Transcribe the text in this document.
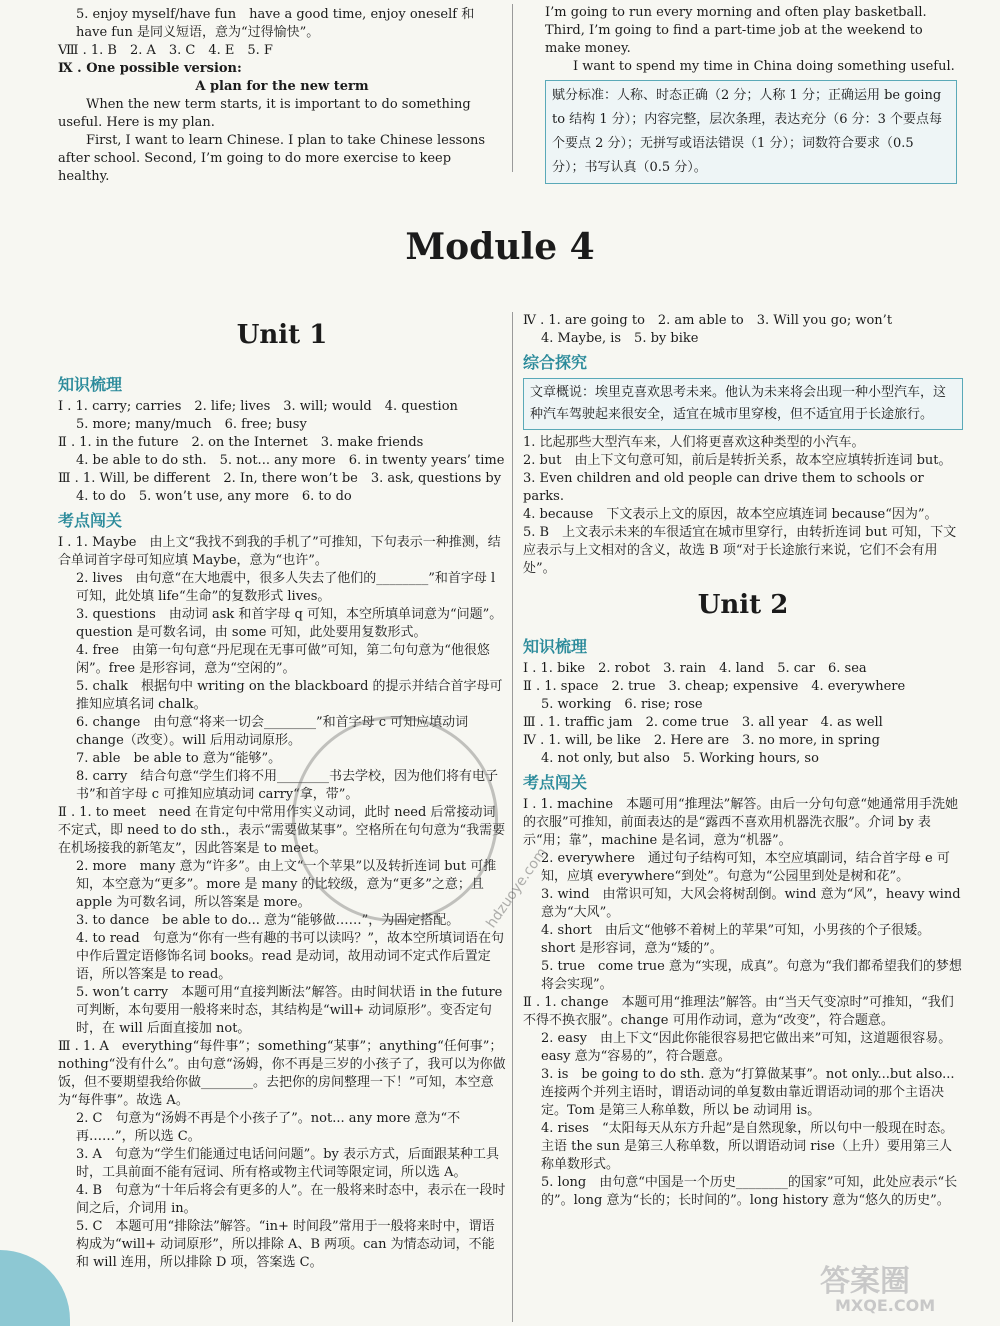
5. enjoy myself/have fun　have a good time, enjoy oneself 和 have fun 是同义短语，意为“过得愉快”。

Ⅷ . 1. B　2. A　3. C　4. E　5. F

Ⅸ . One possible version:

A plan for the new term

When the new term starts, it is important to do something useful. Here is my plan.

First, I want to learn Chinese. I plan to take Chinese lessons after school. Second, I’m going to do more exercise to keep healthy.

I’m going to run every morning and often play basketball. Third, I’m going to find a part-time job at the weekend to make money.

I want to spend my time in China doing something useful.

赋分标准：人称、时态正确（2 分；人称 1 分；正确运用 be going to 结构 1 分）；内容完整，层次条理，表达充分（6 分：3 个要点每个要点 2 分）；无拼写或语法错误（1 分）；词数符合要求（0.5 分）；书写认真（0.5 分）。

Module 4
Unit 1
知识梳理

Ⅰ . 1. carry; carries　2. life; lives　3. will; would　4. question

5. more; many/much　6. free; busy

Ⅱ . 1. in the future　2. on the Internet　3. make friends

4. be able to do sth.　5. not... any more　6. in twenty years’ time

Ⅲ . 1. Will, be different　2. In, there won’t be　3. ask, questions by

4. to do　5. won’t use, any more　6. to do

考点闯关

Ⅰ . 1. Maybe　由上文“我找不到我的手机了”可推知，下句表示一种推测，结合单词首字母可知应填 Maybe，意为“也许”。

2. lives　由句意“在大地震中，很多人失去了他们的________”和首字母 l 可知，此处填 life“生命”的复数形式 lives。

3. questions　由动词 ask 和首字母 q 可知，本空所填单词意为“问题”。question 是可数名词，由 some 可知，此处要用复数形式。

4. free　由第一句句意“丹尼现在无事可做”可知，第二句句意为“他很悠闲”。free 是形容词，意为“空闲的”。

5. chalk　根据句中 writing on the blackboard 的提示并结合首字母可推知应填名词 chalk。

6. change　由句意“将来一切会________”和首字母 c 可知应填动词 change（改变）。will 后用动词原形。

7. able　be able to 意为“能够”。

8. carry　结合句意“学生们将不用________书去学校，因为他们将有电子书”和首字母 c 可推知应填动词 carry“拿，带”。

Ⅱ . 1. to meet　need 在肯定句中常用作实义动词，此时 need 后常接动词不定式，即 need to do sth.，表示“需要做某事”。空格所在句句意为“我需要在机场接我的新笔友”，因此答案是 to meet。

2. more　many 意为“许多”。由上文“一个苹果”以及转折连词 but 可推知，本空意为“更多”。more 是 many 的比较级，意为“更多”之意；且 apple 为可数名词，所以答案是 more。

3. to dance　be able to do... 意为“能够做……”，为固定搭配。

4. to read　句意为“你有一些有趣的书可以读吗？”，故本空所填词语在句中作后置定语修饰名词 books。read 是动词，故用动词不定式作后置定语，所以答案是 to read。

5. won’t carry　本题可用“直接判断法”解答。由时间状语 in the future 可判断，本句要用一般将来时态，其结构是“will+ 动词原形”。变否定句时，在 will 后面直接加 not。

Ⅲ . 1. A　everything“每件事”；something“某事”；anything“任何事”；nothing“没有什么”。由句意“汤姆，你不再是三岁的小孩子了，我可以为你做饭，但不要期望我给你做________。去把你的房间整理一下！”可知，本空意为“每件事”。故选 A。

2. C　句意为“汤姆不再是个小孩子了”。not... any more 意为“不再……”，所以选 C。

3. A　句意为“学生们能通过电话问问题”。by 表示方式，后面跟某种工具时，工具前面不能有冠词、所有格或物主代词等限定词，所以选 A。

4. B　句意为“十年后将会有更多的人”。在一般将来时态中，表示在一段时间之后，介词用 in。

5. C　本题可用“排除法”解答。“in+ 时间段”常用于一般将来时中，谓语构成为“will+ 动词原形”，所以排除 A、B 两项。can 为情态动词，不能和 will 连用，所以排除 D 项，答案选 C。

Ⅳ . 1. are going to　2. am able to　3. Will you go; won’t

4. Maybe, is　5. by bike

综合探究

文章概说：埃里克喜欢思考未来。他认为未来将会出现一种小型汽车，这种汽车驾驶起来很安全，适宜在城市里穿梭，但不适宜用于长途旅行。

1. 比起那些大型汽车来，人们将更喜欢这种类型的小汽车。

2. but　由上下文句意可知，前后是转折关系，故本空应填转折连词 but。

3. Even children and old people can drive them to schools or parks.

4. because　下文表示上文的原因，故本空应填连词 because“因为”。

5. B　上文表示未来的车很适宜在城市里穿行，由转折连词 but 可知，下文应表示与上文相对的含义，故选 B 项“对于长途旅行来说，它们不会有用处”。

Unit 2
知识梳理

Ⅰ . 1. bike　2. robot　3. rain　4. land　5. car　6. sea

Ⅱ . 1. space　2. true　3. cheap; expensive　4. everywhere

5. working　6. rise; rose

Ⅲ . 1. traffic jam　2. come true　3. all year　4. as well

Ⅳ . 1. will, be like　2. Here are　3. no more, in spring

4. not only, but also　5. Working hours, so

考点闯关

Ⅰ . 1. machine　本题可用“推理法”解答。由后一分句句意“她通常用手洗她的衣服”可推知，前面表达的是“露西不喜欢用机器洗衣服”。介词 by 表示“用；靠”，machine 是名词，意为“机器”。

2. everywhere　通过句子结构可知，本空应填副词，结合首字母 e 可知，应填 everywhere“到处”。句意为“公园里到处是树和花”。

3. wind　由常识可知，大风会将树刮倒。wind 意为“风”，heavy wind 意为“大风”。

4. short　由后文“他够不着树上的苹果”可知，小男孩的个子很矮。short 是形容词，意为“矮的”。

5. true　come true 意为“实现，成真”。句意为“我们都希望我们的梦想将会实现”。

Ⅱ . 1. change　本题可用“推理法”解答。由“当天气变凉时”可推知，“我们不得不换衣服”。change 可用作动词，意为“改变”，符合题意。

2. easy　由上下文“因此你能很容易把它做出来”可知，这道题很容易。easy 意为“容易的”，符合题意。

3. is　be going to do sth. 意为“打算做某事”。not only...but also... 连接两个并列主语时，谓语动词的单复数由靠近谓语动词的那个主语决定。Tom 是第三人称单数，所以 be 动词用 is。

4. rises　“太阳每天从东方升起”是自然现象，所以句中一般现在时态。主语 the sun 是第三人称单数，所以谓语动词 rise（上升）要用第三人称单数形式。

5. long　由句意“中国是一个历史________的国家”可知，此处应表示“长的”。long 意为“长的；长时间的”。long history 意为“悠久的历史”。

hdzuoye.com
答案圈
MXQE.COM
